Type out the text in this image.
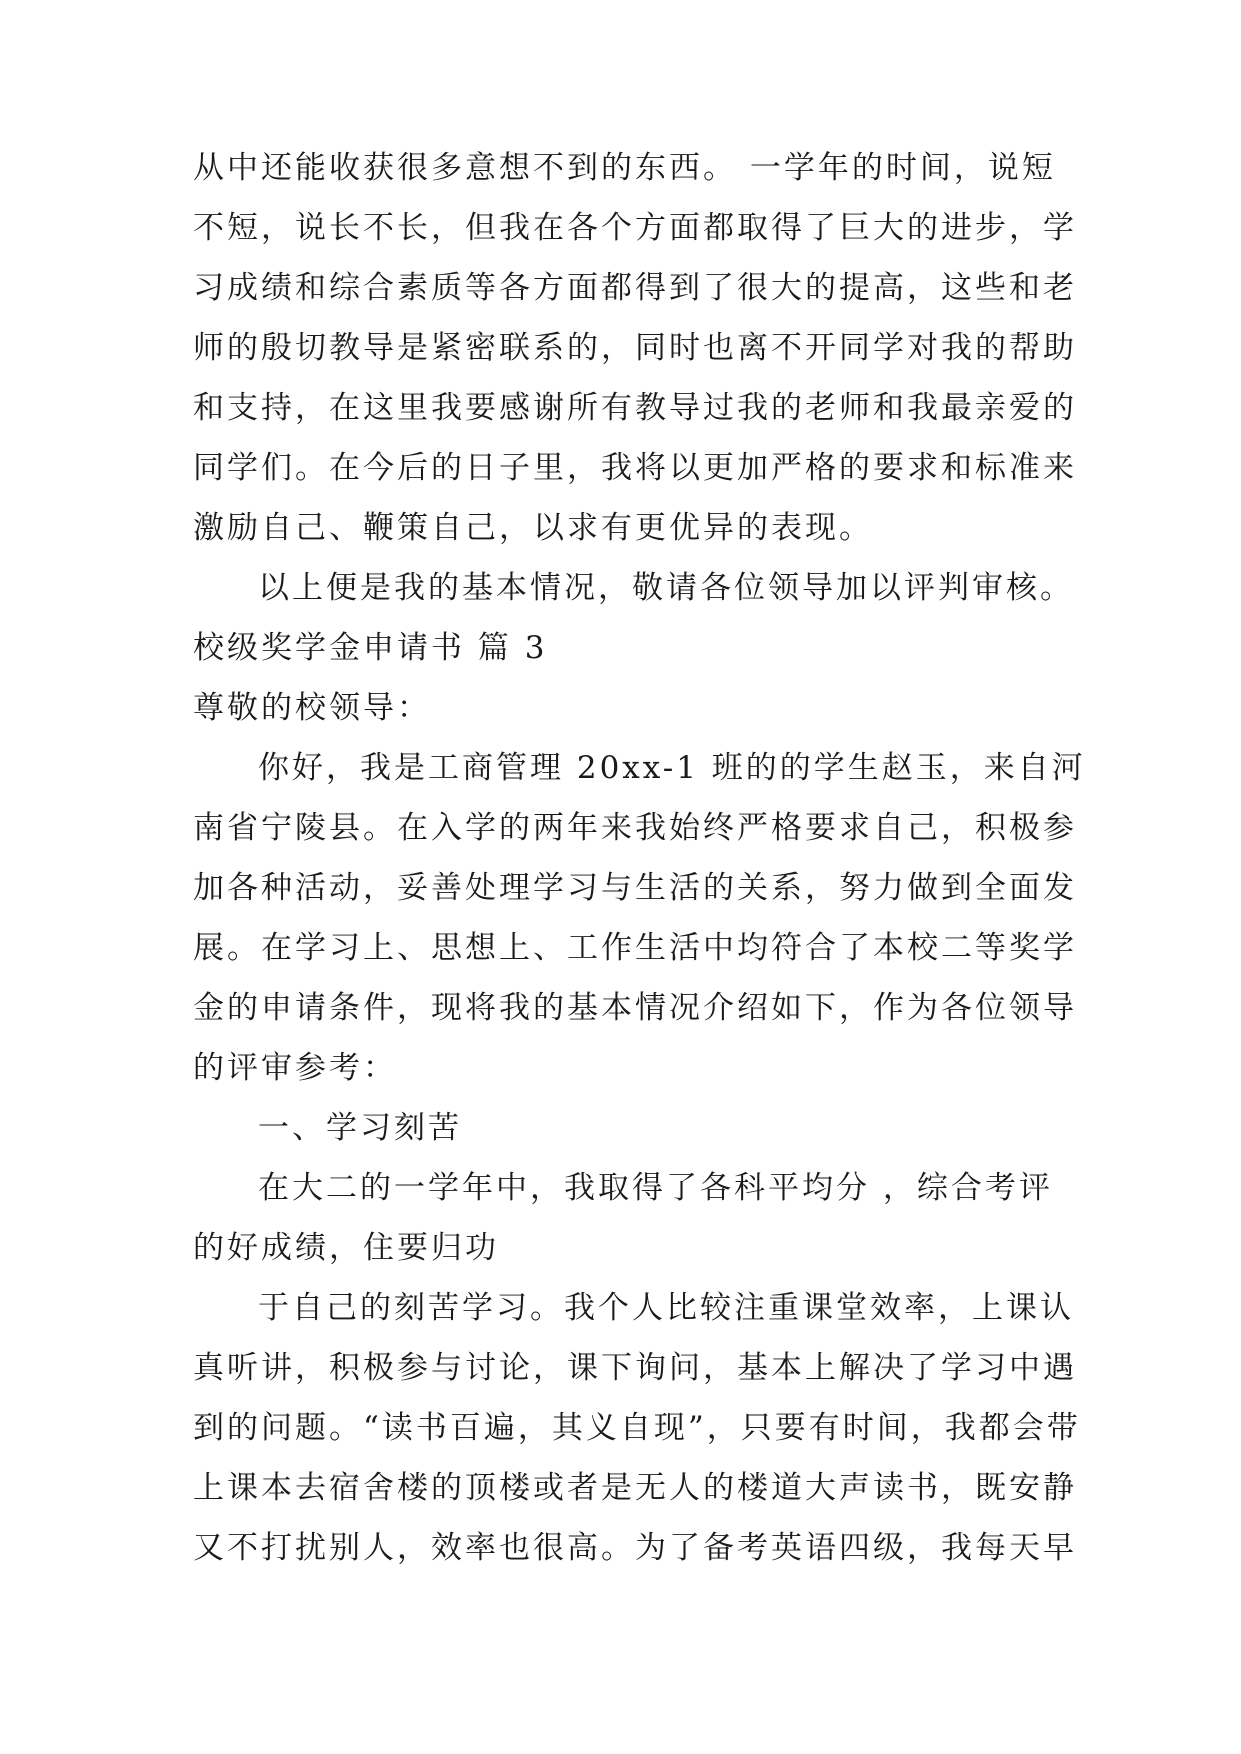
从中还能收获很多意想不到的东西。 一学年的时间，说短
不短，说长不长，但我在各个方面都取得了巨大的进步，学
习成绩和综合素质等各方面都得到了很大的提高，这些和老
师的殷切教导是紧密联系的，同时也离不开同学对我的帮助
和支持，在这里我要感谢所有教导过我的老师和我最亲爱的
同学们。在今后的日子里，我将以更加严格的要求和标准来
激励自己、鞭策自己，以求有更优异的表现。
以上便是我的基本情况，敬请各位领导加以评判审核。
校级奖学金申请书 篇 3
尊敬的校领导：
你好，我是工商管理 20xx-1 班的的学生赵玉，来自河
南省宁陵县。在入学的两年来我始终严格要求自己，积极参
加各种活动，妥善处理学习与生活的关系，努力做到全面发
展。在学习上、思想上、工作生活中均符合了本校二等奖学
金的申请条件，现将我的基本情况介绍如下，作为各位领导
的评审参考：
一、学习刻苦
在大二的一学年中，我取得了各科平均分 ，综合考评
的好成绩，住要归功
于自己的刻苦学习。我个人比较注重课堂效率，上课认
真听讲，积极参与讨论，课下询问，基本上解决了学习中遇
到的问题。“读书百遍，其义自现”，只要有时间，我都会带
上课本去宿舍楼的顶楼或者是无人的楼道大声读书，既安静
又不打扰别人，效率也很高。为了备考英语四级，我每天早
